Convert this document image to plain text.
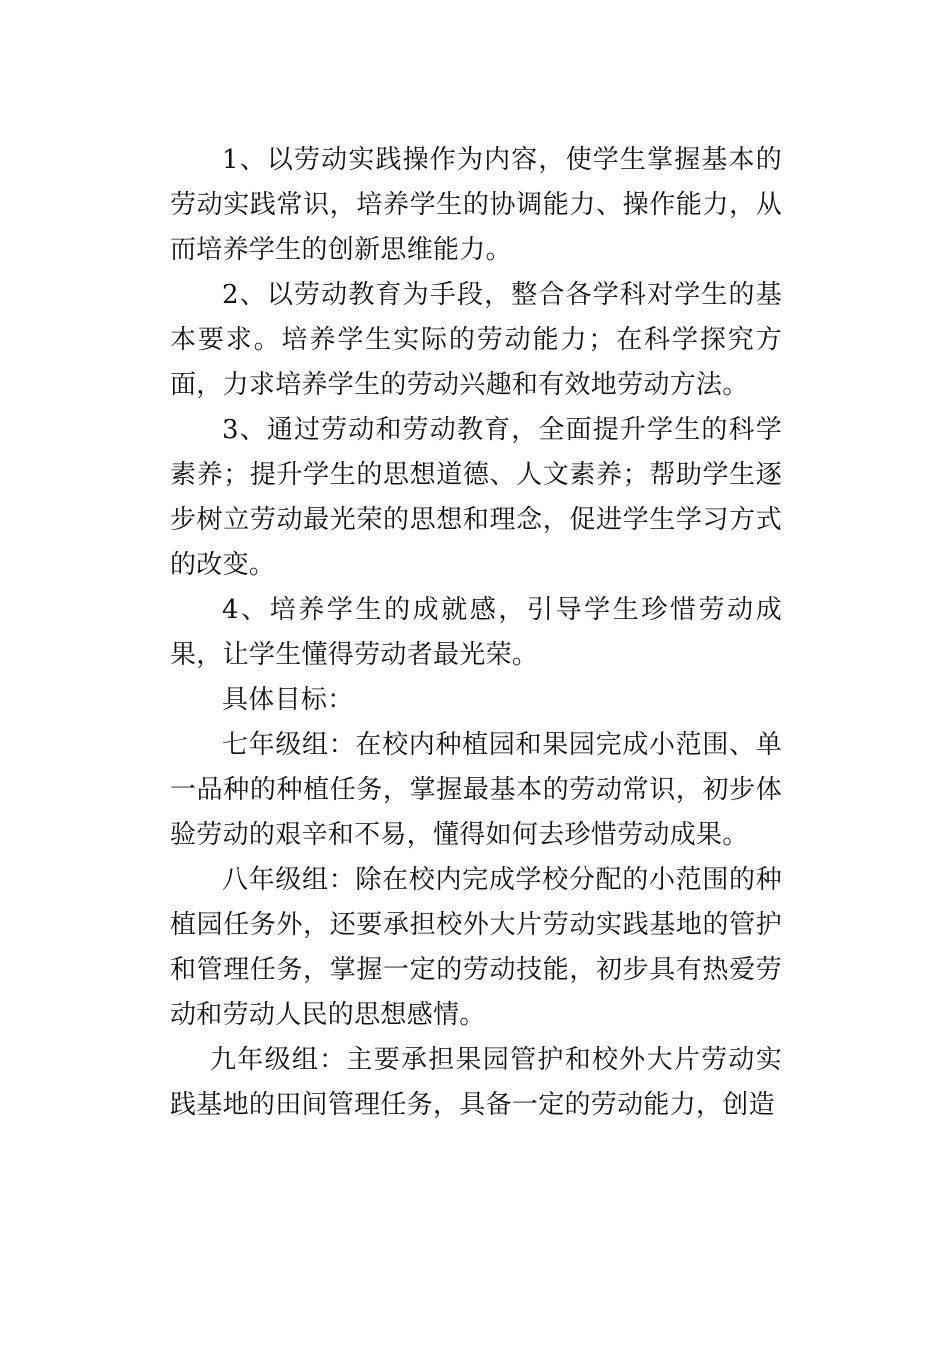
1、以劳动实践操作为内容，使学生掌握基本的劳动实践常识，培养学生的协调能力、操作能力，从而培养学生的创新思维能力。

2、以劳动教育为手段，整合各学科对学生的基本要求。培养学生实际的劳动能力；在科学探究方面，力求培养学生的劳动兴趣和有效地劳动方法。

3、通过劳动和劳动教育，全面提升学生的科学素养；提升学生的思想道德、人文素养；帮助学生逐步树立劳动最光荣的思想和理念，促进学生学习方式的改变。

4、培养学生的成就感，引导学生珍惜劳动成果，让学生懂得劳动者最光荣。

具体目标：

七年级组：在校内种植园和果园完成小范围、单一品种的种植任务，掌握最基本的劳动常识，初步体验劳动的艰辛和不易，懂得如何去珍惜劳动成果。

八年级组：除在校内完成学校分配的小范围的种植园任务外，还要承担校外大片劳动实践基地的管护和管理任务，掌握一定的劳动技能，初步具有热爱劳动和劳动人民的思想感情。

九年级组：主要承担果园管护和校外大片劳动实践基地的田间管理任务，具备一定的劳动能力，创造
